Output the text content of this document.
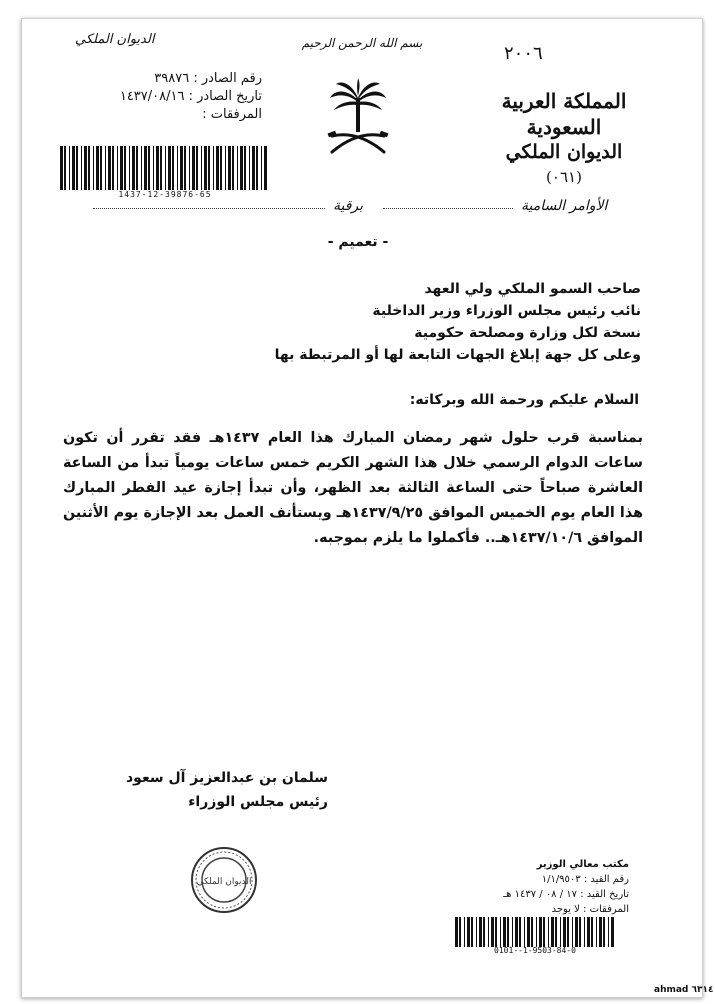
الديوان الملكي	بسم الله الرحمن الرحيم	٢٠٠٦
المملكة العربية السعودية
الديوان الملكي
(٠٦١)
رقم الصادر : ٣٩٨٧٦
تاريخ الصادر : ١٤٣٧/٠٨/١٦
المرفقات :
1437-12-39876-65
برقية	الأوامر السامية
- تعميم -
صاحب السمو الملكي ولي العهد
نائب رئيس مجلس الوزراء وزير الداخلية
نسخة لكل وزارة ومصلحة حكومية
وعلى كل جهة إبلاغ الجهات التابعة لها أو المرتبطة بها
السلام عليكم ورحمة الله وبركاته:
بمناسبة قرب حلول شهر رمضان المبارك هذا العام ١٤٣٧هـ فقد تقرر أن تكون ساعات الدوام الرسمي خلال هذا الشهر الكريم خمس ساعات يومياً تبدأ من الساعة العاشرة صباحاً حتى الساعة الثالثة بعد الظهر، وأن تبدأ إجازة عيد الفطر المبارك هذا العام يوم الخميس الموافق ١٤٣٧/٩/٢٥هـ ويستأنف العمل بعد الإجازة يوم الأثنين الموافق ١٤٣٧/١٠/٦هـ.. فأكملوا ما يلزم بموجبه.
سلمان بن عبدالعزيز آل سعود
رئيس مجلس الوزراء
الديوان الملكي
مكتب معالي الوزير
رقم القيد : ١/١/٩٥٠٣
تاريخ القيد : ١٧ / ٠٨ / ١٤٣٧ هـ
المرفقات : لا يوجد
0101--1-9503-84-0
ahmad ٦٣١٤
